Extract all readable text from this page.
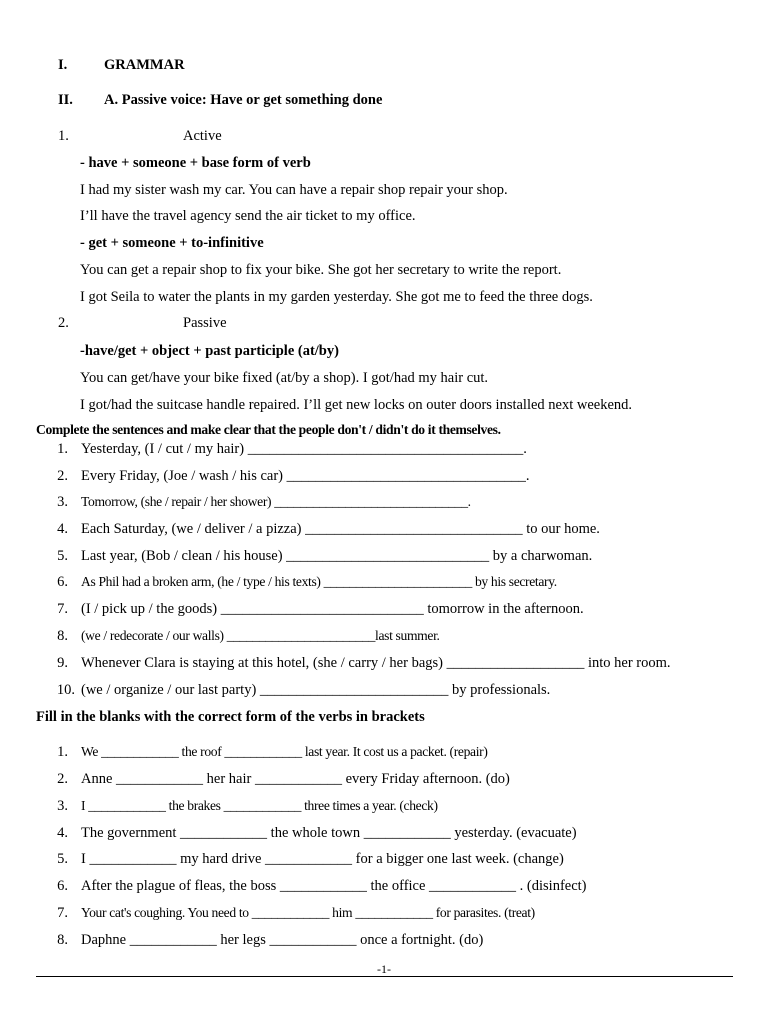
I.	GRAMMAR
II. A. Passive voice: Have or get something done
1.	Active
- have + someone + base form of verb
I had my sister wash my car. You can have a repair shop repair your shop.
I’ll have the travel agency send the air ticket to my office.
- get + someone + to-infinitive
You can get a repair shop to fix your bike. She got her secretary to write the report.
I got Seila to water the plants in my garden yesterday. She got me to feed the three dogs.
2.	Passive
-have/get + object + past participle (at/by)
You can get/have your bike fixed (at/by a shop). I got/had my hair cut.
I got/had the suitcase handle repaired. I’ll get new locks on outer doors installed next weekend.
Complete the sentences and make clear that the people don't / didn't do it themselves.
1. Yesterday, (I / cut / my hair) ______________________________________.
2. Every Friday, (Joe / wash / his car) _________________________________.
3. Tomorrow, (she / repair / her shower) ______________________________.
4. Each Saturday, (we / deliver / a pizza) ______________________________ to our home.
5. Last year, (Bob / clean / his house) ____________________________ by a charwoman.
6. As Phil had a broken arm, (he / type / his texts) _______________________ by his secretary.
7. (I / pick up / the goods) ____________________________ tomorrow in the afternoon.
8. (we / redecorate / our walls) _______________________last summer.
9. Whenever Clara is staying at this hotel, (she / carry / her bags) ___________________ into her room.
10. (we / organize / our last party) __________________________ by professionals.
Fill in the blanks with the correct form of the verbs in brackets
1. We ____________ the roof ____________ last year. It cost us a packet. (repair)
2. Anne ____________ her hair ____________ every Friday afternoon. (do)
3. I ____________ the brakes ____________ three times a year. (check)
4. The government ____________ the whole town ____________ yesterday. (evacuate)
5. I ____________ my hard drive ____________ for a bigger one last week. (change)
6. After the plague of fleas, the boss ____________ the office ____________ . (disinfect)
7. Your cat's coughing. You need to ____________ him ____________ for parasites. (treat)
8. Daphne ____________ her legs ____________ once a fortnight. (do)
-1-
